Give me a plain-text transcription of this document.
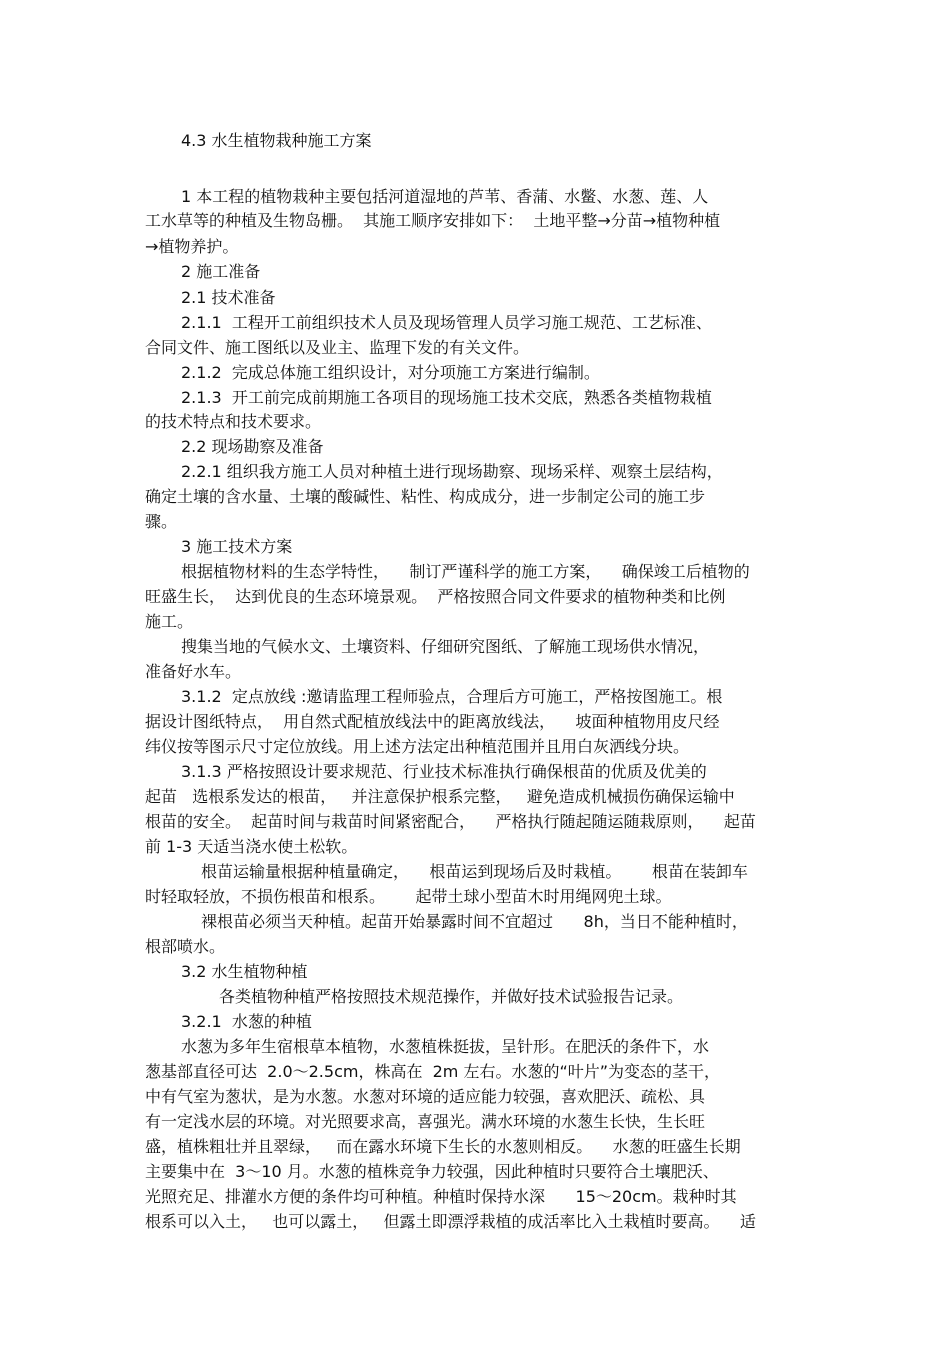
4.3 水生植物栽种施工方案
1 本工程的植物栽种主要包括河道湿地的芦苇、香蒲、水鳖、水葱、莲、人
工水草等的种植及生物岛栅。  其施工顺序安排如下：  土地平整→分苗→植物种植
→植物养护。
2 施工准备
2.1 技术准备
2.1.1  工程开工前组织技术人员及现场管理人员学习施工规范、工艺标准、
合同文件、施工图纸以及业主、监理下发的有关文件。
2.1.2  完成总体施工组织设计，对分项施工方案进行编制。
2.1.3  开工前完成前期施工各项目的现场施工技术交底，熟悉各类植物栽植
的技术特点和技术要求。
2.2 现场勘察及准备
2.2.1 组织我方施工人员对种植土进行现场勘察、现场采样、观察土层结构，
确定土壤的含水量、土壤的酸碱性、粘性、构成成分，进一步制定公司的施工步
骤。
3 施工技术方案
根据植物材料的生态学特性，    制订严谨科学的施工方案，    确保竣工后植物的
旺盛生长，  达到优良的生态环境景观。  严格按照合同文件要求的植物种类和比例
施工。
搜集当地的气候水文、土壤资料、仔细研究图纸、了解施工现场供水情况，
准备好水车。
3.1.2  定点放线 :邀请监理工程师验点，合理后方可施工，严格按图施工。根
据设计图纸特点，  用自然式配植放线法中的距离放线法，    坡面种植物用皮尺经
纬仪按等图示尺寸定位放线。用上述方法定出种植范围并且用白灰洒线分块。
3.1.3 严格按照设计要求规范、行业技术标准执行确保根苗的优质及优美的
起苗   选根系发达的根苗，   并注意保护根系完整，   避免造成机械损伤确保运输中
根苗的安全。  起苗时间与栽苗时间紧密配合，    严格执行随起随运随栽原则，    起苗
前 1-3 天适当浇水使土松软。
根苗运输量根据种植量确定，    根苗运到现场后及时栽植。      根苗在装卸车
时轻取轻放，不损伤根苗和根系。      起带土球小型苗木时用绳网兜土球。
裸根苗必须当天种植。起苗开始暴露时间不宜超过      8h，当日不能种植时，
根部喷水。
3.2 水生植物种植
各类植物种植严格按照技术规范操作，并做好技术试验报告记录。
3.2.1  水葱的种植
水葱为多年生宿根草本植物，水葱植株挺拔，呈针形。在肥沃的条件下，水
葱基部直径可达  2.0～2.5cm，株高在  2m 左右。水葱的“叶片”为变态的茎干，
中有气室为葱状，是为水葱。水葱对环境的适应能力较强，喜欢肥沃、疏松、具
有一定浅水层的环境。对光照要求高，喜强光。满水环境的水葱生长快，生长旺
盛，植株粗壮并且翠绿，   而在露水环境下生长的水葱则相反。    水葱的旺盛生长期
主要集中在  3～10 月。水葱的植株竞争力较强，因此种植时只要符合土壤肥沃、
光照充足、排灌水方便的条件均可种植。种植时保持水深      15～20cm。栽种时其
根系可以入土，   也可以露土，   但露土即漂浮栽植的成活率比入土栽植时要高。    适
